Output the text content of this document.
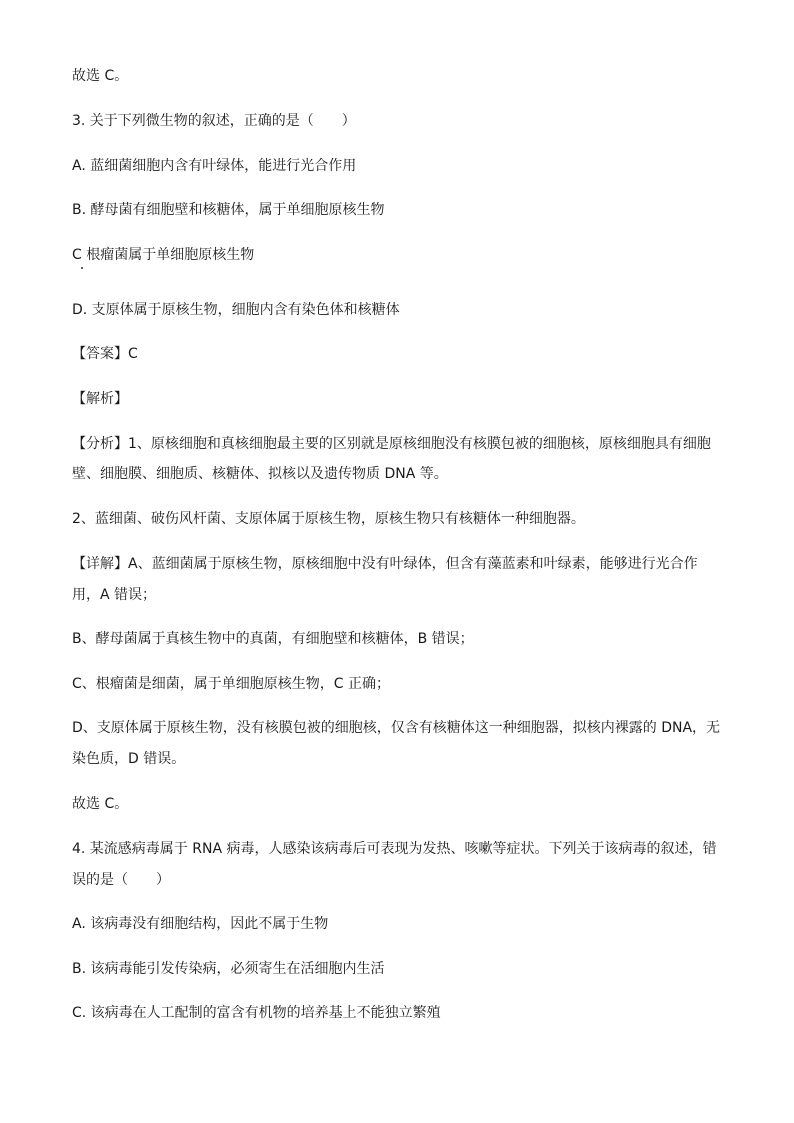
故选 C。
3. 关于下列微生物的叙述，正确的是（　　）
A. 蓝细菌细胞内含有叶绿体，能进行光合作用
B. 酵母菌有细胞壁和核糖体，属于单细胞原核生物
C 根瘤菌属于单细胞原核生物
D. 支原体属于原核生物，细胞内含有染色体和核糖体
【答案】C
【解析】
【分析】1、原核细胞和真核细胞最主要的区别就是原核细胞没有核膜包被的细胞核，原核细胞具有细胞
壁、细胞膜、细胞质、核糖体、拟核以及遗传物质 DNA 等。
2、蓝细菌、破伤风杆菌、支原体属于原核生物，原核生物只有核糖体一种细胞器。
【详解】A、蓝细菌属于原核生物，原核细胞中没有叶绿体，但含有藻蓝素和叶绿素，能够进行光合作
用，A 错误；
B、酵母菌属于真核生物中的真菌，有细胞壁和核糖体，B 错误；
C、根瘤菌是细菌，属于单细胞原核生物，C 正确；
D、支原体属于原核生物，没有核膜包被的细胞核，仅含有核糖体这一种细胞器，拟核内裸露的 DNA，无
染色质，D 错误。
故选 C。
4. 某流感病毒属于 RNA 病毒，人感染该病毒后可表现为发热、咳嗽等症状。下列关于该病毒的叙述，错
误的是（　　）
A. 该病毒没有细胞结构，因此不属于生物
B. 该病毒能引发传染病，必须寄生在活细胞内生活
C. 该病毒在人工配制的富含有机物的培养基上不能独立繁殖
